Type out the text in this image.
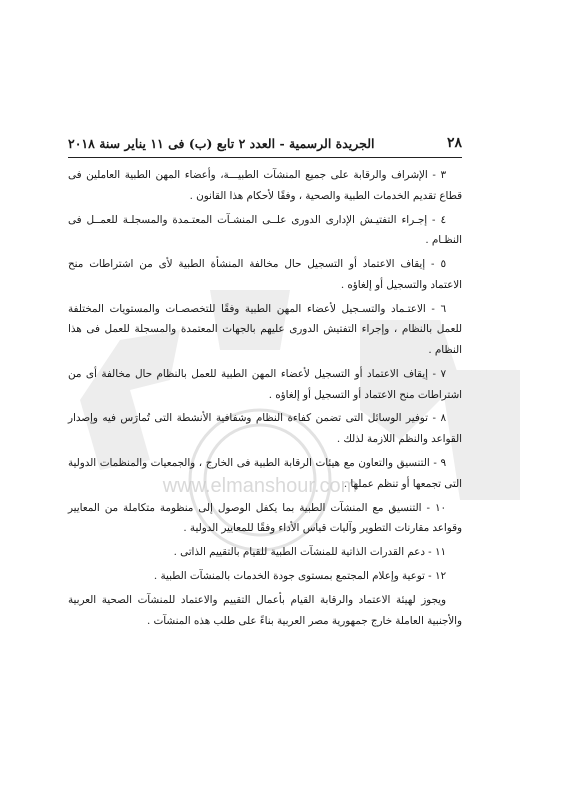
www.elmanshour.com
٢٨
الجريدة الرسمية - العدد ٢ تابع (ب) فى ١١ يناير سنة ٢٠١٨

٣ - الإشراف والرقابة على جميع المنشآت الطبيـــة، وأعضاء المهن الطبية العاملين فى قطاع تقديم الخدمات الطبية والصحية ، وفقًا لأحكام هذا القانون .

٤ - إجـراء التفتيـش الإدارى الدورى علــى المنشـآت المعتـمدة والمسجلـة للعمــل فى النظـام .

٥ - إيقاف الاعتماد أو التسجيل حال مخالفة المنشأة الطبية لأى من اشتراطات منح الاعتماد والتسجيل أو إلغاؤه .

٦ - الاعتـماد والتسـجيل لأعضاء المهن الطبية وفقًا للتخصصـات والمستويات المختلفة للعمل بالنظام ، وإجراء التفتيش الدورى عليهم بالجهات المعتمدة والمسجلة للعمل فى هذا النظام .

٧ - إيقاف الاعتماد أو التسجيل لأعضاء المهن الطبية للعمل بالنظام حال مخالفة أى من اشتراطات منح الاعتماد أو التسجيل أو إلغاؤه .

٨ - توفير الوسائل التى تضمن كفاءة النظام وشفافية الأنشطة التى تُمارَس فيه وإصدار القواعد والنظم اللازمة لذلك .

٩ - التنسيق والتعاون مع هيئات الرقابة الطبية فى الخارج ، والجمعيات والمنظمات الدولية التى تجمعها أو تنظم عملها .

١٠ - التنسيق مع المنشآت الطبية بما يكفل الوصول إلى منظومة متكاملة من المعايير وقواعد مقارنات التطوير وآليات قياس الأداء وفقًا للمعايير الدولية .

١١ - دعم القدرات الذاتية للمنشآت الطبية للقيام بالتقييم الذاتى .

١٢ - توعية وإعلام المجتمع بمستوى جودة الخدمات بالمنشآت الطبية .

ويجوز لهيئة الاعتماد والرقابة القيام بأعمال التقييم والاعتماد للمنشآت الصحية العربية والأجنبية العاملة خارج جمهورية مصر العربية بناءً على طلب هذه المنشآت .
